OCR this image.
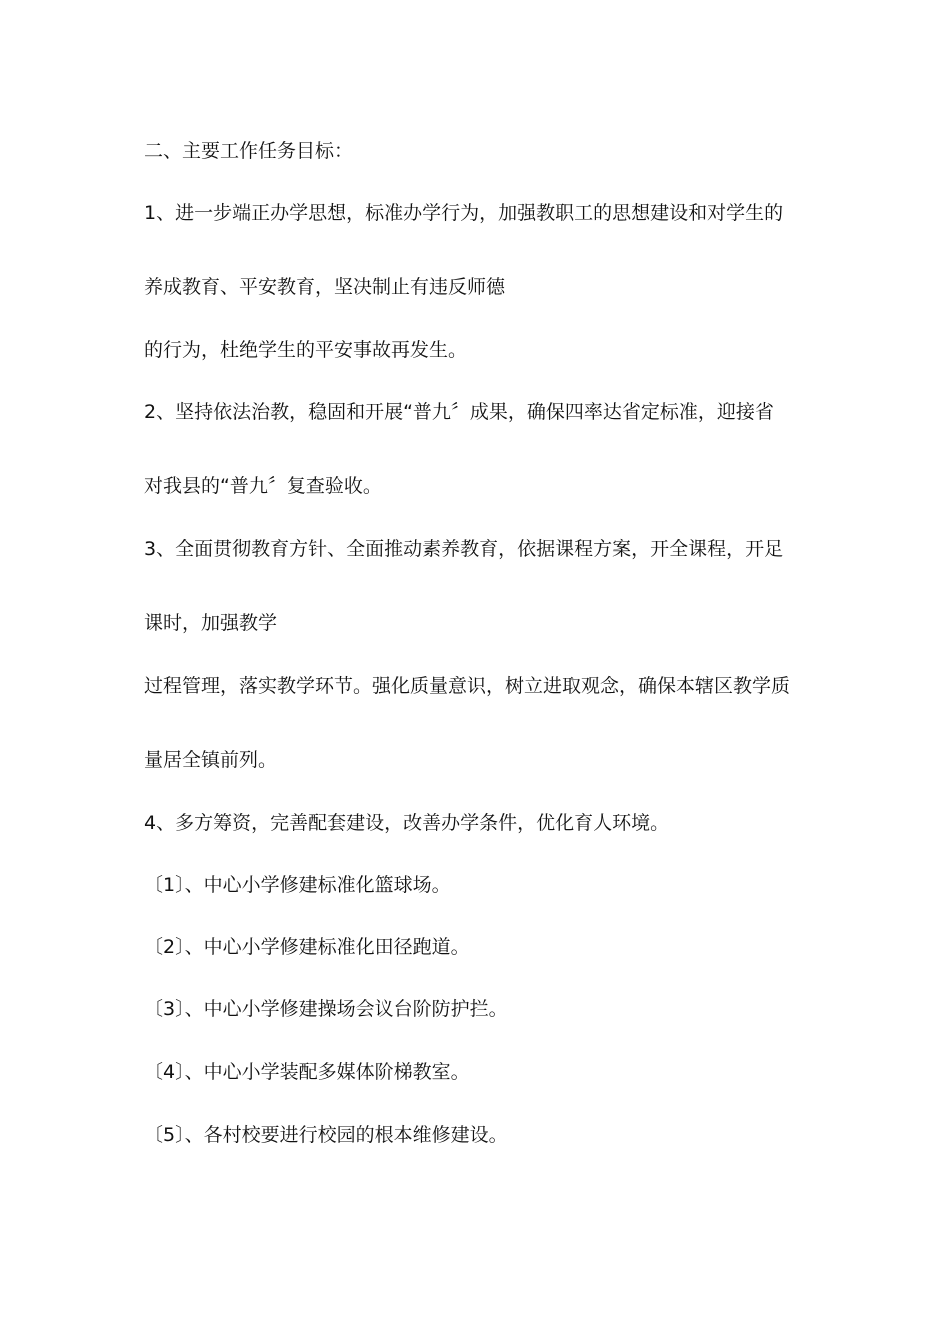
二、主要工作任务目标：
1、进一步端正办学思想，标准办学行为，加强教职工的思想建设和对学生的
养成教育、平安教育，坚决制止有违反师德
的行为，杜绝学生的平安事故再发生。
2、坚持依法治教，稳固和开展“普九〞成果，确保四率达省定标准，迎接省
对我县的“普九〞复查验收。
3、全面贯彻教育方针、全面推动素养教育，依据课程方案，开全课程，开足
课时，加强教学
过程管理，落实教学环节。强化质量意识，树立进取观念，确保本辖区教学质
量居全镇前列。
4、多方筹资，完善配套建设，改善办学条件，优化育人环境。
〔1〕、中心小学修建标准化篮球场。
〔2〕、中心小学修建标准化田径跑道。
〔3〕、中心小学修建操场会议台阶防护拦。
〔4〕、中心小学装配多媒体阶梯教室。
〔5〕、各村校要进行校园的根本维修建设。
